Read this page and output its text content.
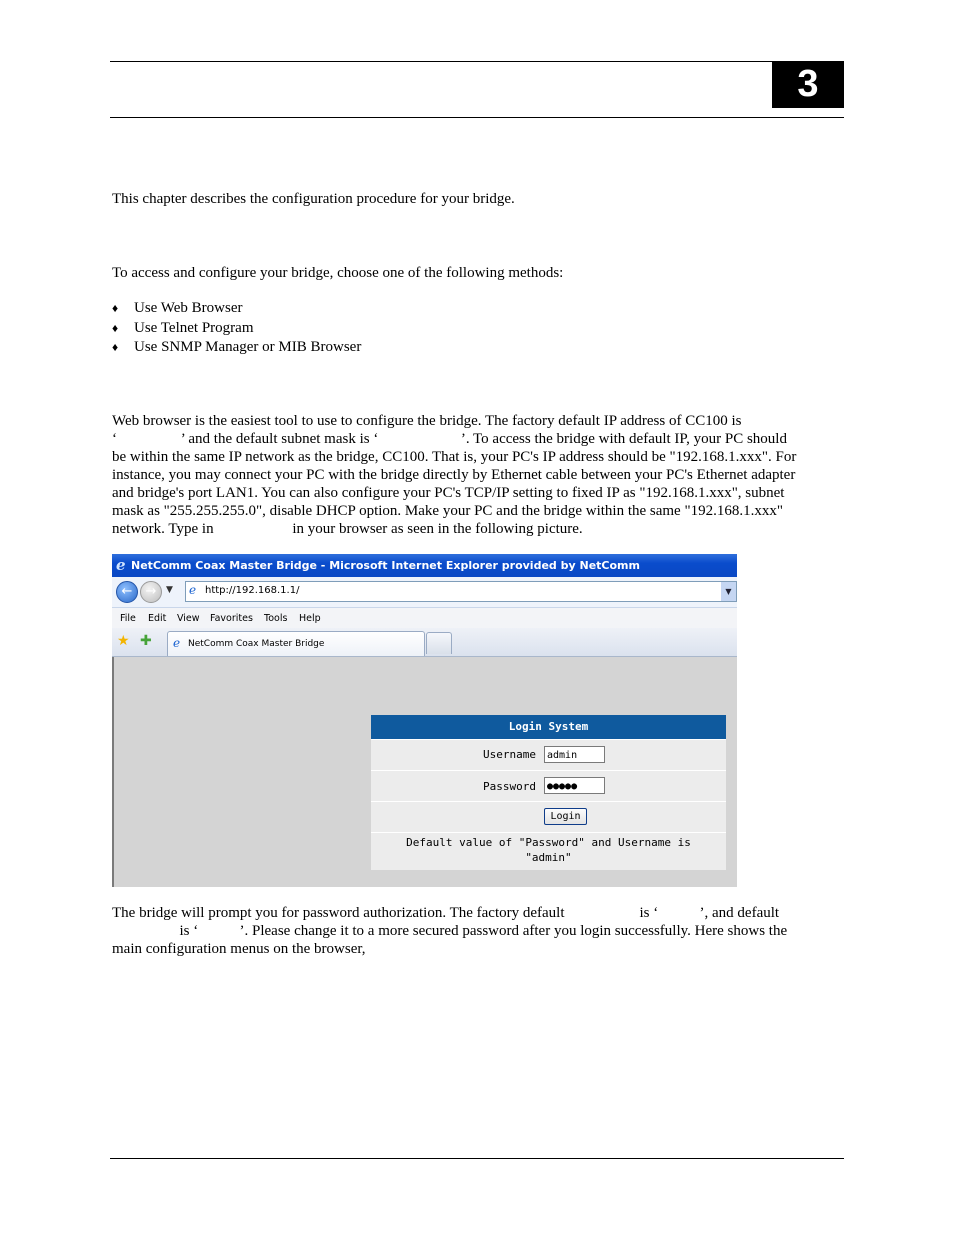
3
This chapter describes the configuration procedure for your bridge.
To access and configure your bridge, choose one of the following methods:
♦ Use Web Browser
♦ Use Telnet Program
♦ Use SNMP Manager or MIB Browser
Web browser is the easiest tool to use to configure the bridge. The factory default IP address of CC100 is
‘                 ’ and the default subnet mask is ‘                      ’. To access the bridge with default IP, your PC should
be within the same IP network as the bridge, CC100. That is, your PC's IP address should be "192.168.1.xxx". For
instance, you may connect your PC with the bridge directly by Ethernet cable between your PC's Ethernet adapter
and bridge's port LAN1. You can also configure your PC's TCP/IP setting to fixed IP as "192.168.1.xxx", subnet
mask as "255.255.255.0", disable DHCP option. Make your PC and the bridge within the same "192.168.1.xxx"
network. Type in                     in your browser as seen in the following picture.
e NetComm Coax Master Bridge - Microsoft Internet Explorer provided by NetComm
←	→	▼ e http://192.168.1.1/	▼
File Edit View Favorites Tools Help
★ ✚ e NetComm Coax Master Bridge
Login System
Username	admin
Password	●●●●●
Login
Default value of "Password" and Username is
"admin"
The bridge will prompt you for password authorization. The factory default                    is ‘           ’, and default
is ‘           ’. Please change it to a more secured password after you login successfully. Here shows the
main configuration menus on the browser,
